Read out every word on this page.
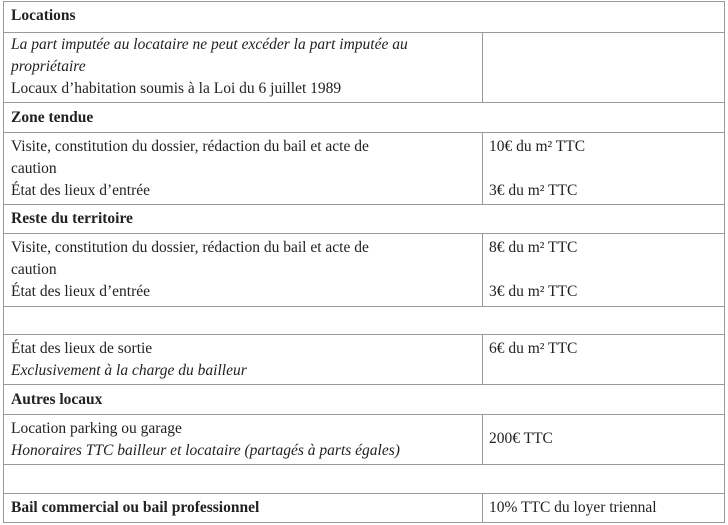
Locations
La part imputée au locataire ne peut excéder la part imputée au
propriétaire
Locaux d’habitation soumis à la Loi du 6 juillet 1989
Zone tendue
Visite, constitution du dossier, rédaction du bail et acte de
caution
État des lieux d’entrée
10€ du m² TTC
3€ du m² TTC
Reste du territoire
Visite, constitution du dossier, rédaction du bail et acte de
caution
État des lieux d’entrée
8€ du m² TTC
3€ du m² TTC
État des lieux de sortie
Exclusivement à la charge du bailleur
6€ du m² TTC
Autres locaux
Location parking ou garage
Honoraires TTC bailleur et locataire (partagés à parts égales)
200€ TTC
Bail commercial ou bail professionnel	10% TTC du loyer triennal
